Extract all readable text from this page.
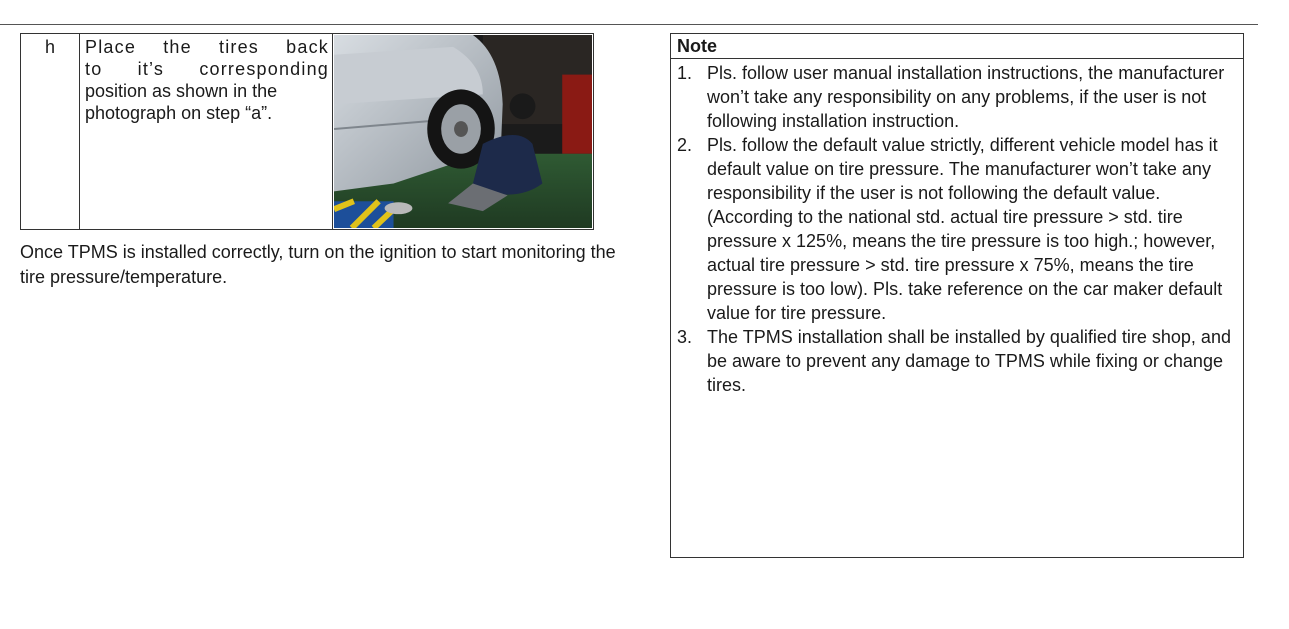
h	Place the tires back
to it’s corresponding
position as shown in the
photograph on step “a”.
Once TPMS is installed correctly, turn on the ignition to start monitoring the tire pressure/temperature.
Note
1. Pls. follow user manual installation instructions, the manufacturer won’t take any responsibility on any problems, if the user is not following installation instruction.
2. Pls. follow the default value strictly, different vehicle model has it default value on tire pressure. The manufacturer won’t take any responsibility if the user is not following the default value. (According to the national std. actual tire pressure > std. tire pressure x 125%, means the tire pressure is too high.; however, actual tire pressure > std. tire pressure x 75%, means the tire pressure is too low). Pls. take reference on the car maker default value for tire pressure.
3. The TPMS installation shall be installed by qualified tire shop, and be aware to prevent any damage to TPMS while fixing or change tires.
